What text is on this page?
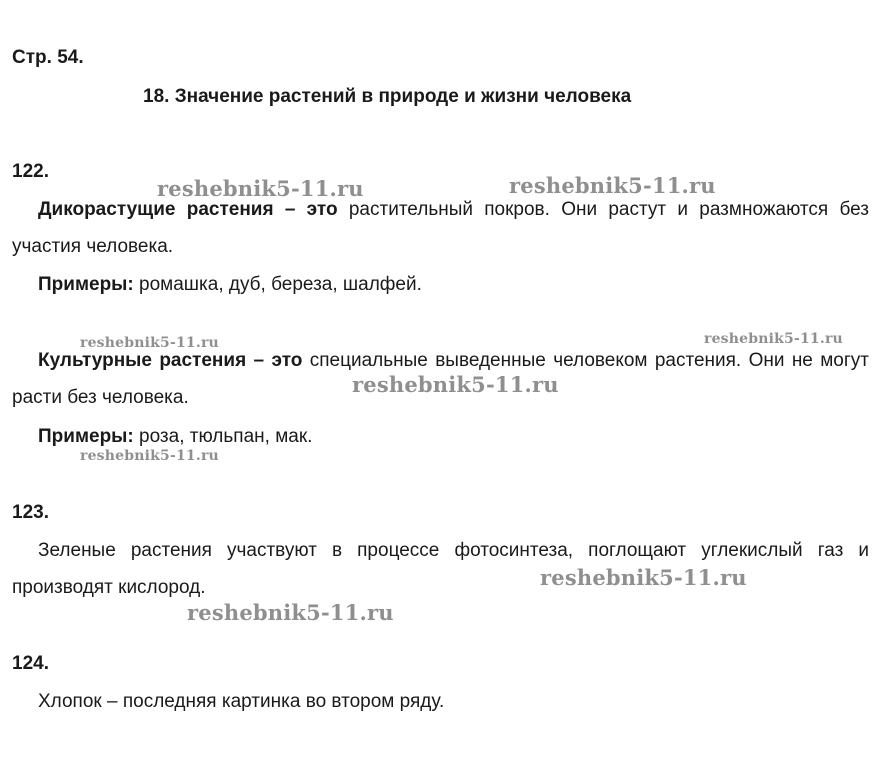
Стр. 54.
18. Значение растений в природе и жизни человека
122.
Дикорастущие растения – это растительный покров. Они растут и размножаются без участия человека.
Примеры: ромашка, дуб, береза, шалфей.
Культурные растения – это специальные выведенные человеком растения. Они не могут расти без человека.
Примеры: роза, тюльпан, мак.
123.
Зеленые растения участвуют в процессе фотосинтеза, поглощают углекислый газ и производят кислород.
124.
Хлопок – последняя картинка во втором ряду.
reshebnik5-11.ru	reshebnik5-11.ru
reshebnik5-11.ru	reshebnik5-11.ru
reshebnik5-11.ru
reshebnik5-11.ru
reshebnik5-11.ru
reshebnik5-11.ru
